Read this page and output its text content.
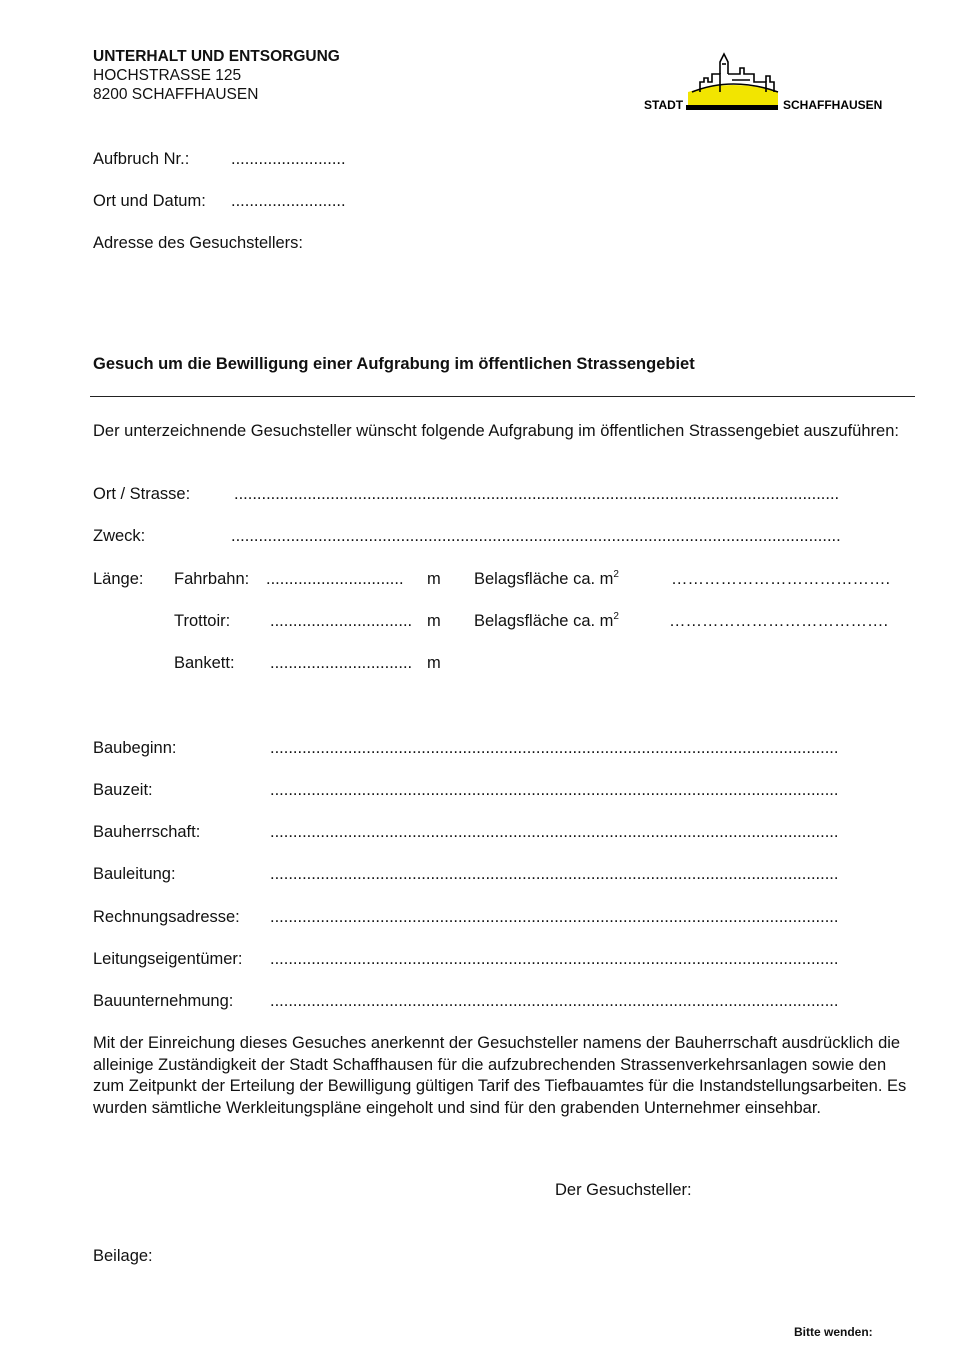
UNTERHALT UND ENTSORGUNG
HOCHSTRASSE 125
8200 SCHAFFHAUSEN
STADT	SCHAFFHAUSEN
Aufbruch Nr.:	.........................
Ort und Datum: .........................
Adresse des Gesuchstellers:
Gesuch um die Bewilligung einer Aufgrabung im öffentlichen Strassengebiet
Der unterzeichnende Gesuchsteller wünscht folgende Aufgrabung im öffentlichen Strassengebiet auszuführen:
Ort / Strasse:	....................................................................................................................................
Zweck:	.....................................................................................................................................
Länge: Fahrbahn: .............................. m Belagsfläche ca. $m^2$	………………………………….
Trottoir: ............................... m Belagsfläche ca. $m^2$	………………………………….
Bankett: ............................... m
Baubeginn:	............................................................................................................................
Bauzeit:	............................................................................................................................
Bauherrschaft:	............................................................................................................................
Bauleitung:	............................................................................................................................
Rechnungsadresse: ............................................................................................................................
Leitungseigentümer: ............................................................................................................................
Bauunternehmung: ............................................................................................................................
Mit der Einreichung dieses Gesuches anerkennt der Gesuchsteller namens der Bauherrschaft ausdrücklich die alleinige Zuständigkeit der Stadt Schaffhausen für die aufzubrechenden Strassenverkehrsanlagen sowie den zum Zeitpunkt der Erteilung der Bewilligung gültigen Tarif des Tiefbauamtes für die Instandstellungsarbeiten. Es wurden sämtliche Werkleitungspläne eingeholt und sind für den grabenden Unternehmer einsehbar.
Der Gesuchsteller:
Beilage:
Bitte wenden:
